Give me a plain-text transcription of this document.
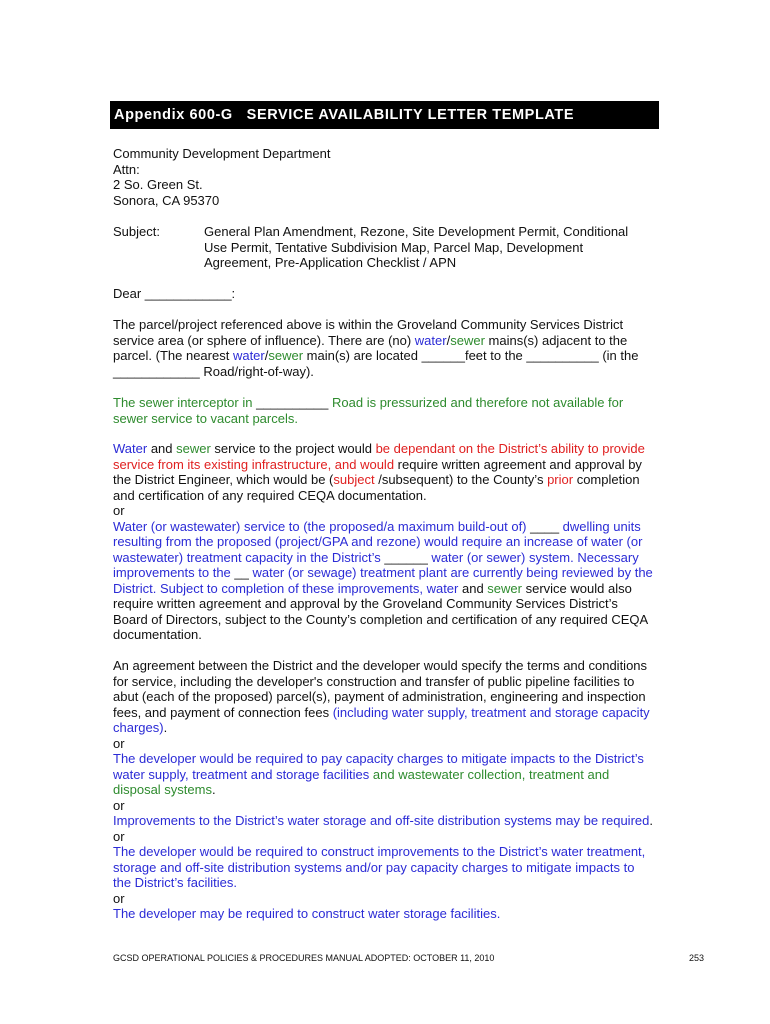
Appendix 600-G   SERVICE AVAILABILITY LETTER TEMPLATE
Community Development Department
Attn:
2 So. Green St.
Sonora, CA 95370
Subject:	General Plan Amendment, Rezone, Site Development Permit, Conditional
Use Permit, Tentative Subdivision Map, Parcel Map, Development
Agreement, Pre-Application Checklist / APN
Dear ____________:
The parcel/project referenced above is within the Groveland Community Services District
service area (or sphere of influence). There are (no) water/sewer mains(s) adjacent to the
parcel. (The nearest water/sewer main(s) are located ______feet to the __________ (in the
____________ Road/right-of-way).
The sewer interceptor in __________ Road is pressurized and therefore not available for
sewer service to vacant parcels.
Water and sewer service to the project would be dependant on the District’s ability to provide
service from its existing infrastructure, and would require written agreement and approval by
the District Engineer, which would be (subject /subsequent) to the County’s prior completion
and certification of any required CEQA documentation.
or
Water (or wastewater) service to (the proposed/a maximum build-out of) ____ dwelling units
resulting from the proposed (project/GPA and rezone) would require an increase of water (or
wastewater) treatment capacity in the District’s ______ water (or sewer) system. Necessary
improvements to the __ water (or sewage) treatment plant are currently being reviewed by the
District. Subject to completion of these improvements, water and sewer service would also
require written agreement and approval by the Groveland Community Services District’s
Board of Directors, subject to the County’s completion and certification of any required CEQA
documentation.
An agreement between the District and the developer would specify the terms and conditions
for service, including the developer's construction and transfer of public pipeline facilities to
abut (each of the proposed) parcel(s), payment of administration, engineering and inspection
fees, and payment of connection fees (including water supply, treatment and storage capacity
charges).
or
The developer would be required to pay capacity charges to mitigate impacts to the District’s
water supply, treatment and storage facilities and wastewater collection, treatment and
disposal systems.
or
Improvements to the District’s water storage and off-site distribution systems may be required.
or
The developer would be required to construct improvements to the District’s water treatment,
storage and off-site distribution systems and/or pay capacity charges to mitigate impacts to
the District’s facilities.
or
The developer may be required to construct water storage facilities.
GCSD OPERATIONAL POLICIES & PROCEDURES MANUAL ADOPTED: OCTOBER 11, 2010	253
